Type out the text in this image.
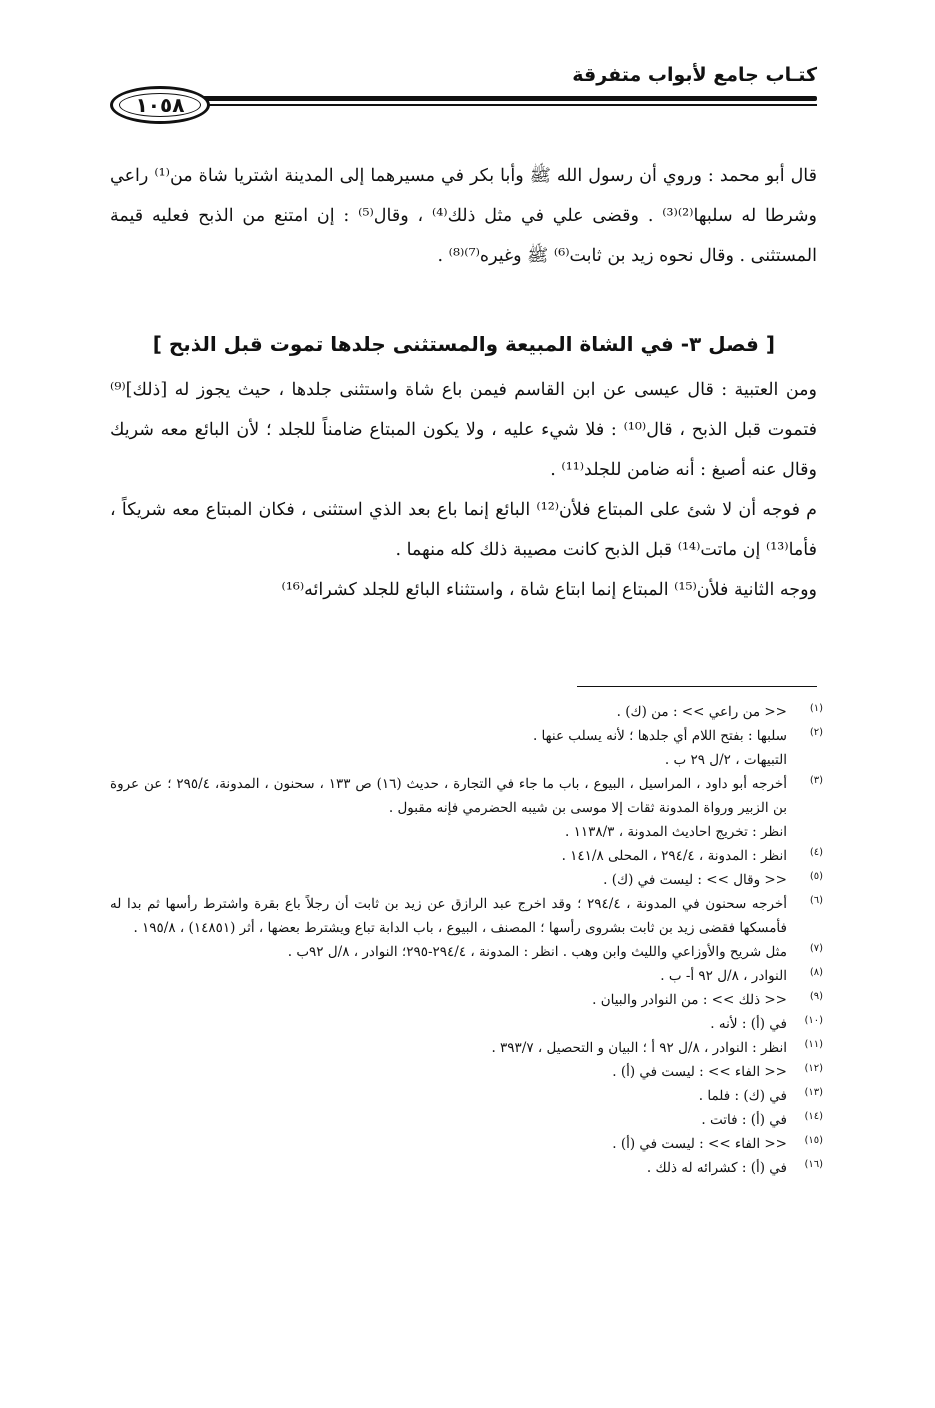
كتـاب جامع لأبواب متفرقة
١٠٥٨

قال أبو محمد : وروي أن رسول الله ﷺ وأبا بكر في مسيرهما إلى المدينة اشتريا شاة من⁽¹⁾ راعي وشرطا له سلبها⁽²⁾⁽³⁾ . وقضى علي في مثل ذلك⁽⁴⁾ ، وقال⁽⁵⁾ : إن امتنع من الذبح فعليه قيمة المستثنى . وقال نحوه زيد بن ثابت⁽⁶⁾ ﷺ وغيره⁽⁷⁾⁽⁸⁾ .

[ فصل ٣- في الشاة المبيعة والمستثنى جلدها تموت قبل الذبح ]

ومن العتبية : قال عيسى عن ابن القاسم فيمن باع شاة واستثنى جلدها ، حيث يجوز له [ذلك]⁽⁹⁾ فتموت قبل الذبح ، قال⁽¹⁰⁾ : فلا شيء عليه ، ولا يكون المبتاع ضامناً للجلد ؛ لأن البائع معه شريك وقال عنه أصبغ : أنه ضامن للجلد⁽¹¹⁾ .

م فوجه أن لا شئ على المبتاع فلأن⁽¹²⁾ البائع إنما باع بعد الذي استثنى ، فكان المبتاع معه شريكاً ، فأما⁽¹³⁾ إن ماتت⁽¹⁴⁾ قبل الذبح كانت مصيبة ذلك كله منهما .

ووجه الثانية فلأن⁽¹⁵⁾ المبتاع إنما ابتاع شاة ، واستثناء البائع للجلد كشرائه⁽¹⁶⁾

(١)
<< من راعي >> : من (ك) .
(٢)
سلبها : بفتح اللام أي جلدها ؛ لأنه يسلب عنها .
التبيهات ، ٢/ل ٢٩ ب .
(٣)
أخرجه أبو داود ، المراسيل ، البيوع ، باب ما جاء في التجارة ، حديث (١٦) ص ١٣٣ ، سحنون ، المدونة، ٢٩٥/٤ ؛ عن عروة بن الزبير ورواة المدونة ثقات إلا موسى بن شيبه الحضرمي فإنه مقبول .
انظر : تخريج احاديث المدونة ، ١١٣٨/٣ .
(٤)
انظر : المدونة ، ٢٩٤/٤ ، المحلى ١٤١/٨ .
(٥)
<< وقال >> : ليست في (ك) .
(٦)
أخرجه سحنون في المدونة ، ٢٩٤/٤ ؛ وقد اخرج عبد الرازق عن زيد بن ثابت أن رجلاً باع بقرة واشترط رأسها ثم بدا له فأمسكها فقضى زيد بن ثابت بشروى رأسها ؛ المصنف ، البيوع ، باب الدابة تباع ويشترط بعضها ، أثر (١٤٨٥١) ، ١٩٥/٨ .
(٧)
مثل شريح والأوزاعي والليث وابن وهب . انظر : المدونة ، ٢٩٤/٤-٢٩٥؛ النوادر ، ٨/ل ٩٢ب .
(٨)
النوادر ، ٨/ل ٩٢ أ- ب .
(٩)
<< ذلك >> : من النوادر والبيان .
(١٠)
في (أ) : لأنه .
(١١)
انظر : النوادر ، ٨/ل ٩٢ أ ؛ البيان و التحصيل ، ٣٩٣/٧ .
(١٢)
<< الفاء >> : ليست في (أ) .
(١٣)
في (ك) : فلما .
(١٤)
في (أ) : فاتت .
(١٥)
<< الفاء >> : ليست في (أ) .
(١٦)
في (أ) : كشرائه له ذلك .
